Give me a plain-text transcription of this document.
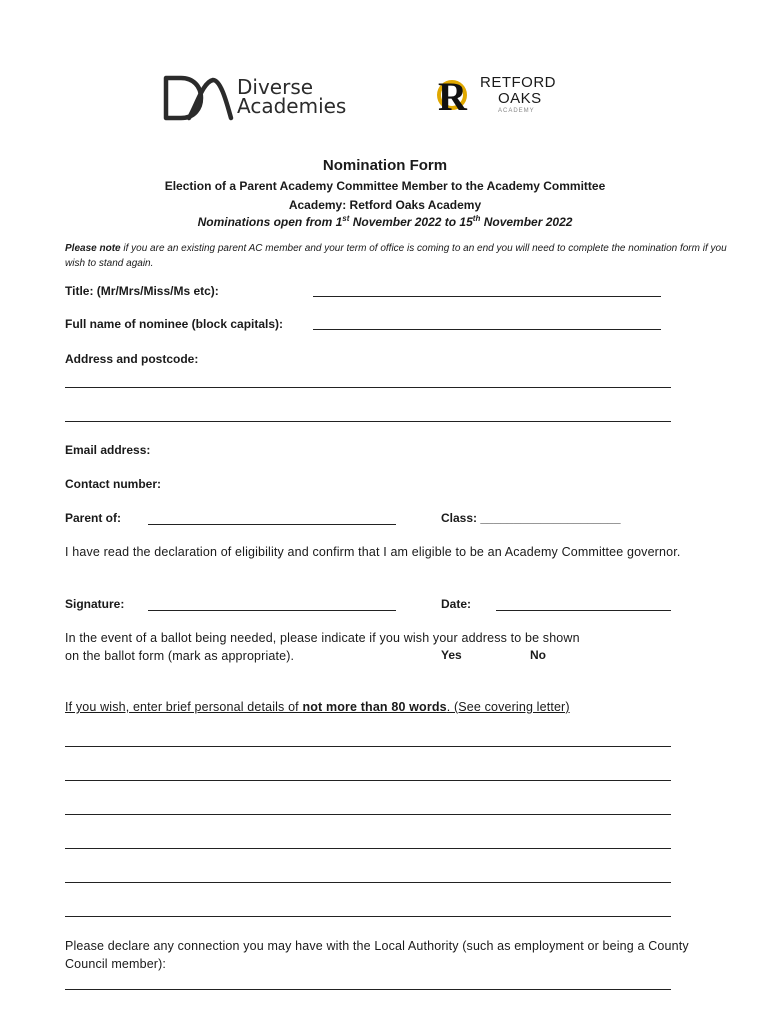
Diverse
Academies R RETFORD
OAKS
ACADEMY
Nomination Form
Election of a Parent Academy Committee Member to the Academy Committee
Academy: Retford Oaks Academy
Nominations open from 1st November 2022 to 15th November 2022
Please note if you are an existing parent AC member and your term of office is coming to an end you will need to complete the nomination form if you wish to stand again.
Title: (Mr/Mrs/Miss/Ms etc):
Full name of nominee (block capitals):
Address and postcode:
Email address:
Contact number:
Parent of:	Class: _____________________
I have read the declaration of eligibility and confirm that I am eligible to be an Academy Committee governor.
Signature:	Date:
In the event of a ballot being needed, please indicate if you wish your address to be shown on the ballot form (mark as appropriate).	Yes	No
If you wish, enter brief personal details of not more than 80 words. (See covering letter)
Please declare any connection you may have with the Local Authority (such as employment or being a County Council member):
